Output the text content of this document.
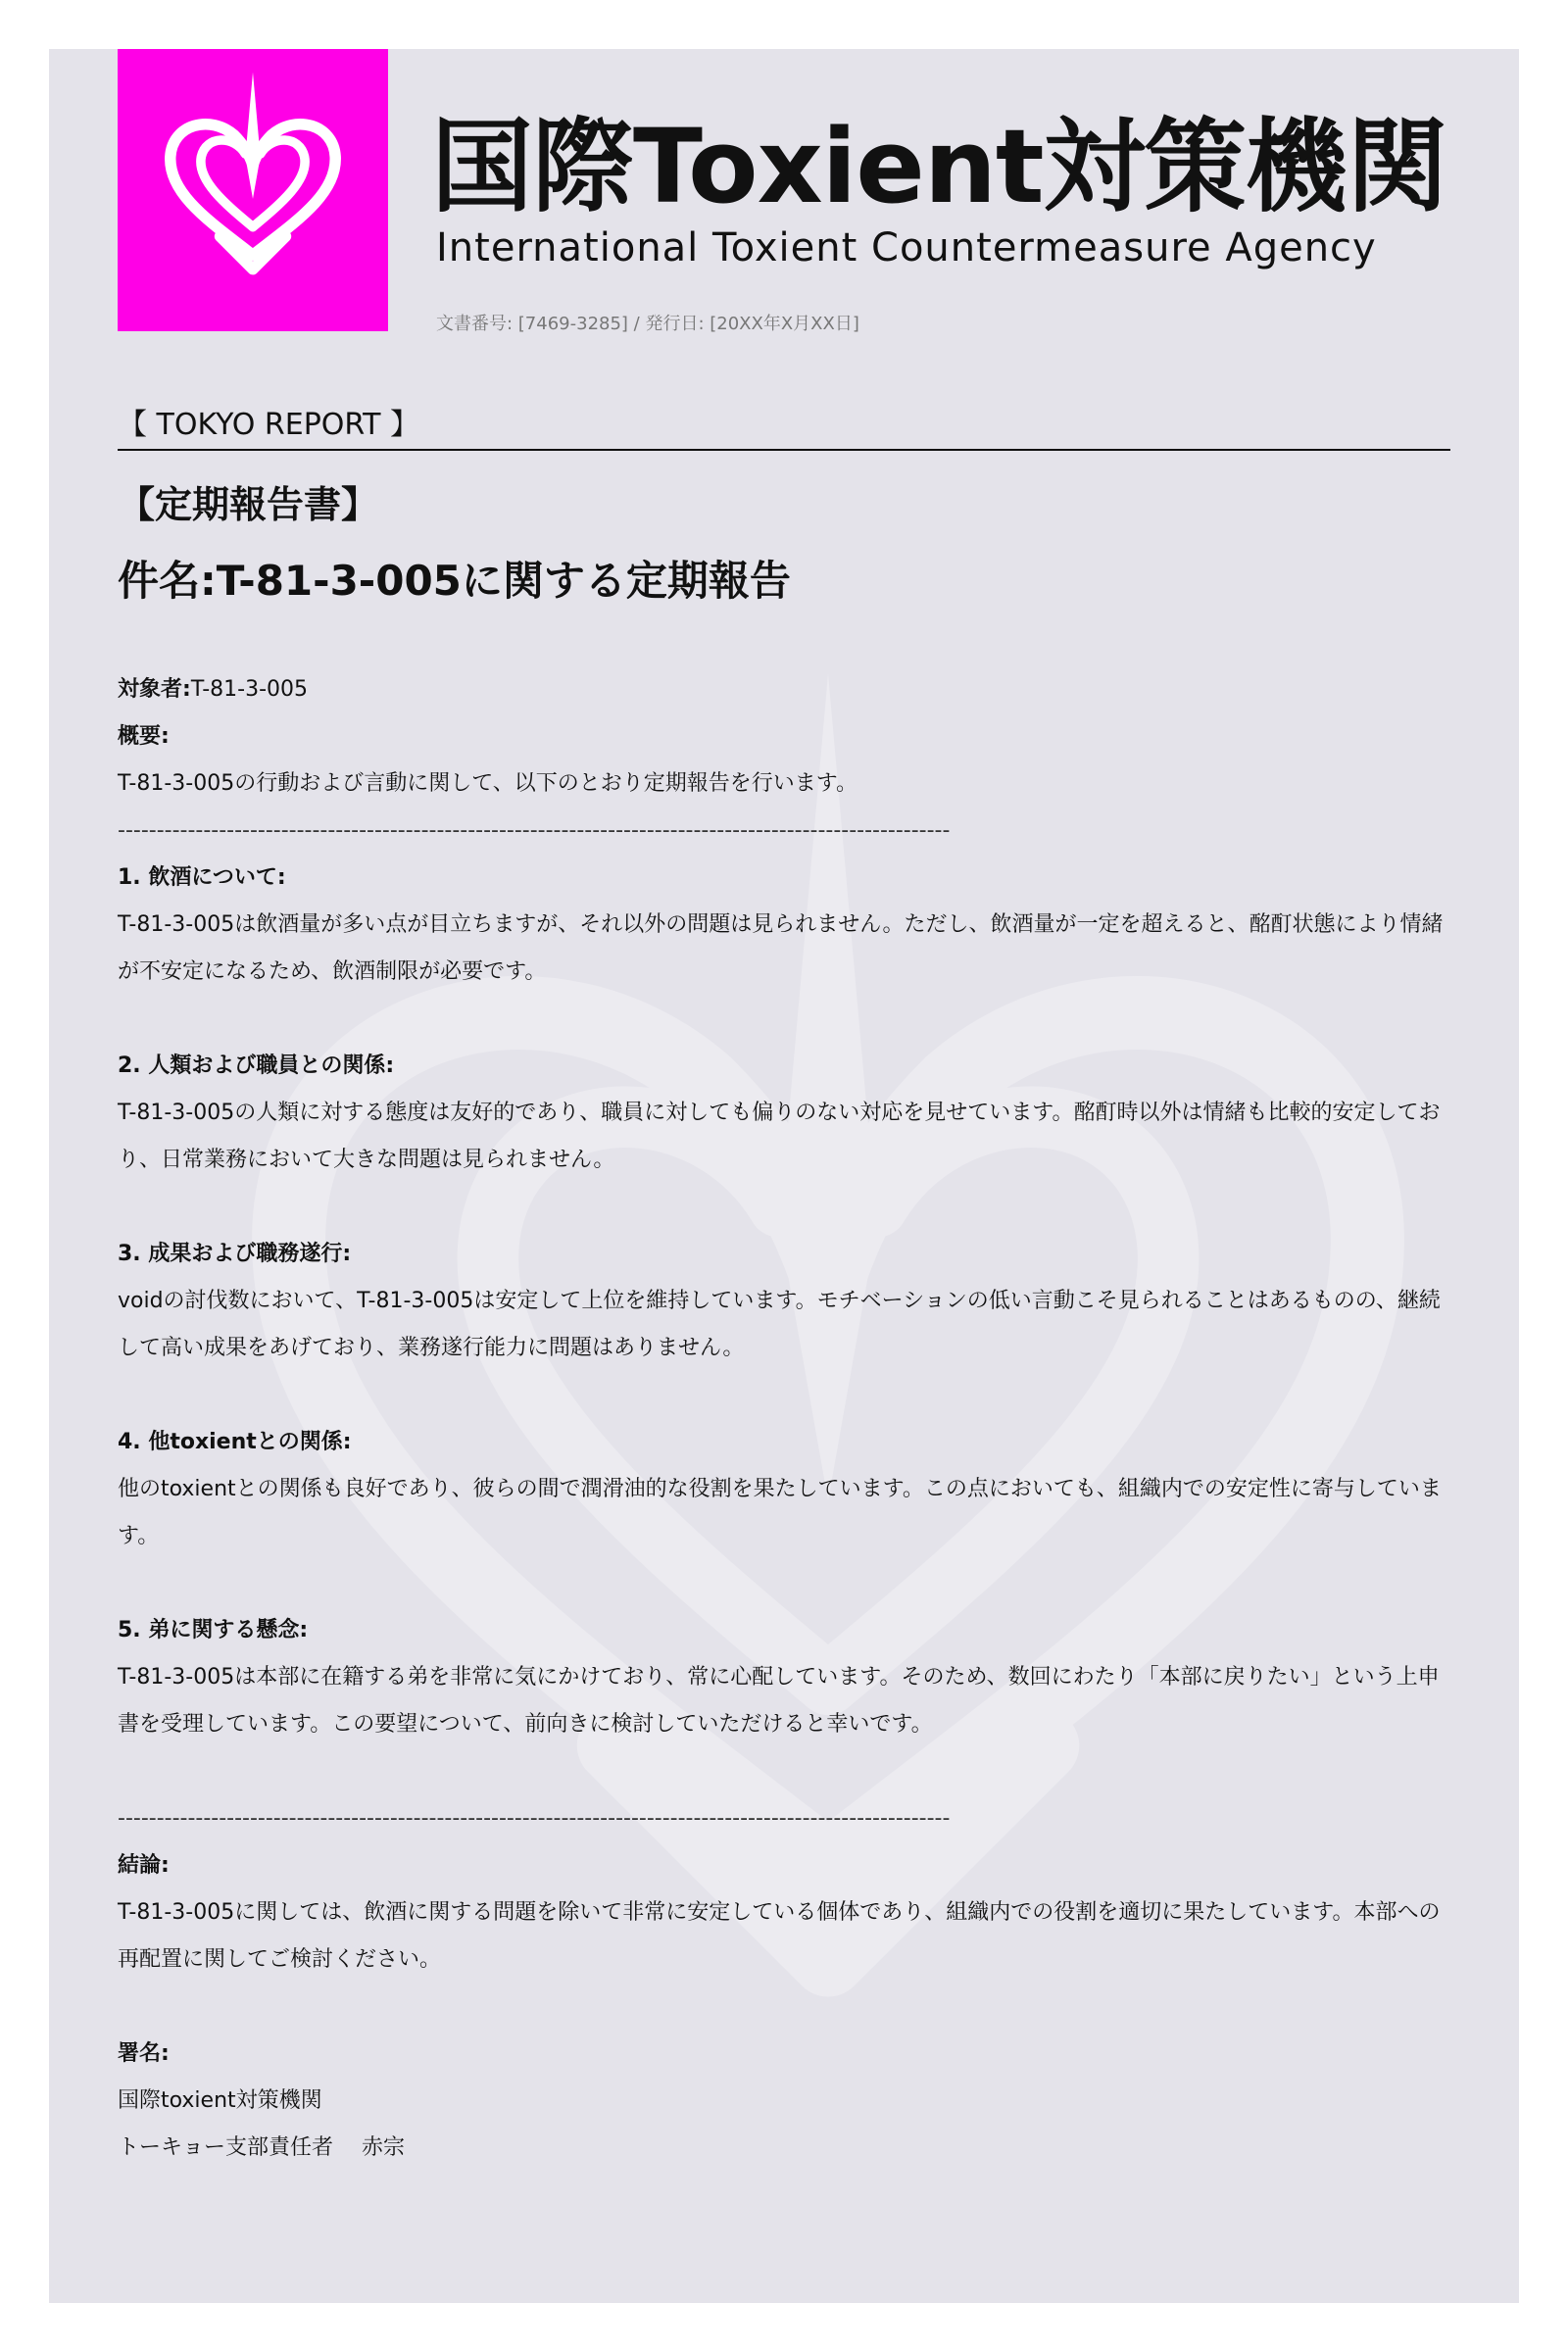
国際Toxient対策機関
International Toxient Countermeasure Agency
文書番号: [7469-3285] / 発行日: [20XX年X月XX日]
【 TOKYO REPORT 】
【定期報告書】
件名:T-81-3-005に関する定期報告

対象者:T-81-3-005

概要:

T-81-3-005の行動および言動に関して、以下のとおり定期報告を行います。

-----------------------------------------------------------------------------------------------------------

1. 飲酒について:

T-81-3-005は飲酒量が多い点が目立ちますが、それ以外の問題は見られません。ただし、飲酒量が一定を超えると、酩酊状態により情緒が不安定になるため、飲酒制限が必要です。

2. 人類および職員との関係:

T-81-3-005の人類に対する態度は友好的であり、職員に対しても偏りのない対応を見せています。酩酊時以外は情緒も比較的安定しており、日常業務において大きな問題は見られません。

3. 成果および職務遂行:

voidの討伐数において、T-81-3-005は安定して上位を維持しています。モチベーションの低い言動こそ見られることはあるものの、継続して高い成果をあげており、業務遂行能力に問題はありません。

4. 他toxientとの関係:

他のtoxientとの関係も良好であり、彼らの間で潤滑油的な役割を果たしています。この点においても、組織内での安定性に寄与しています。

5. 弟に関する懸念:

T-81-3-005は本部に在籍する弟を非常に気にかけており、常に心配しています。そのため、数回にわたり「本部に戻りたい」という上申書を受理しています。この要望について、前向きに検討していただけると幸いです。

-----------------------------------------------------------------------------------------------------------

結論:

T-81-3-005に関しては、飲酒に関する問題を除いて非常に安定している個体であり、組織内での役割を適切に果たしています。本部への再配置に関してご検討ください。

署名:

国際toxient対策機関

トーキョー支部責任者　 赤宗
